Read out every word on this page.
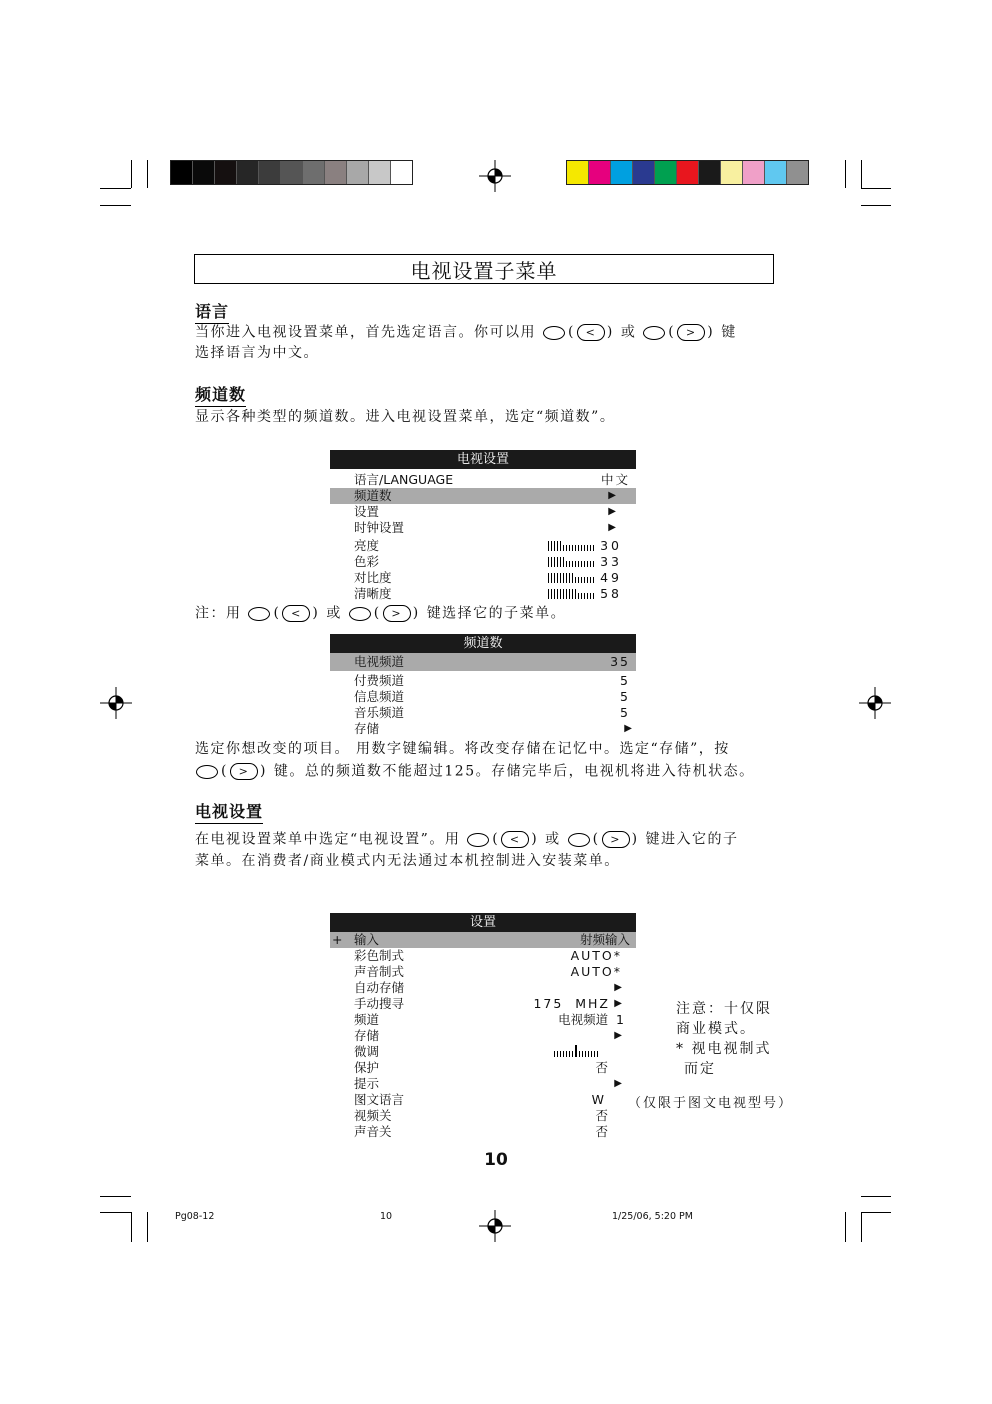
电视设置子菜单
语言
当你进入电视设置菜单，首先选定语言。你可以用 ( < ) 或 ( > ) 键
选择语言为中文。
频道数
显示各种类型的频道数。进入电视设置菜单，选定“频道数”。
电视设置
语言/LANGUAGE	中文
频道数	▶
设置	▶
时钟设置	▶
亮度	30
色彩	33
对比度	49
清晰度	58
注：用 ( < ) 或 ( > ) 键选择它的子菜单。
频道数
电视频道	35
付费频道	5
信息频道	5
音乐频道	5
存储	▶
选定你想改变的项目。 用数字键编辑。将改变存储在记忆中。选定“存储”，按
( > ) 键。总的频道数不能超过125。存储完毕后，电视机将进入待机状态。
电视设置
在电视设置菜单中选定“电视设置”。用 ( < ) 或 ( > ) 键进入它的子
菜单。在消费者/商业模式内无法通过本机控制进入安装菜单。
设置
+ 输入	射频输入
彩色制式	AUTO*
声音制式	AUTO*
自动存储	▶
手动搜寻	175  MHZ ▶
频道	电视频道  1
存储	▶
微调
保护	否
提示	▶
图文语言	W
视频关	否
声音关	否
注意：十仅限
商业模式。
* 视电视制式
而定
（仅限于图文电视型号）
10
Pg08-12	10	1/25/06, 5:20 PM
